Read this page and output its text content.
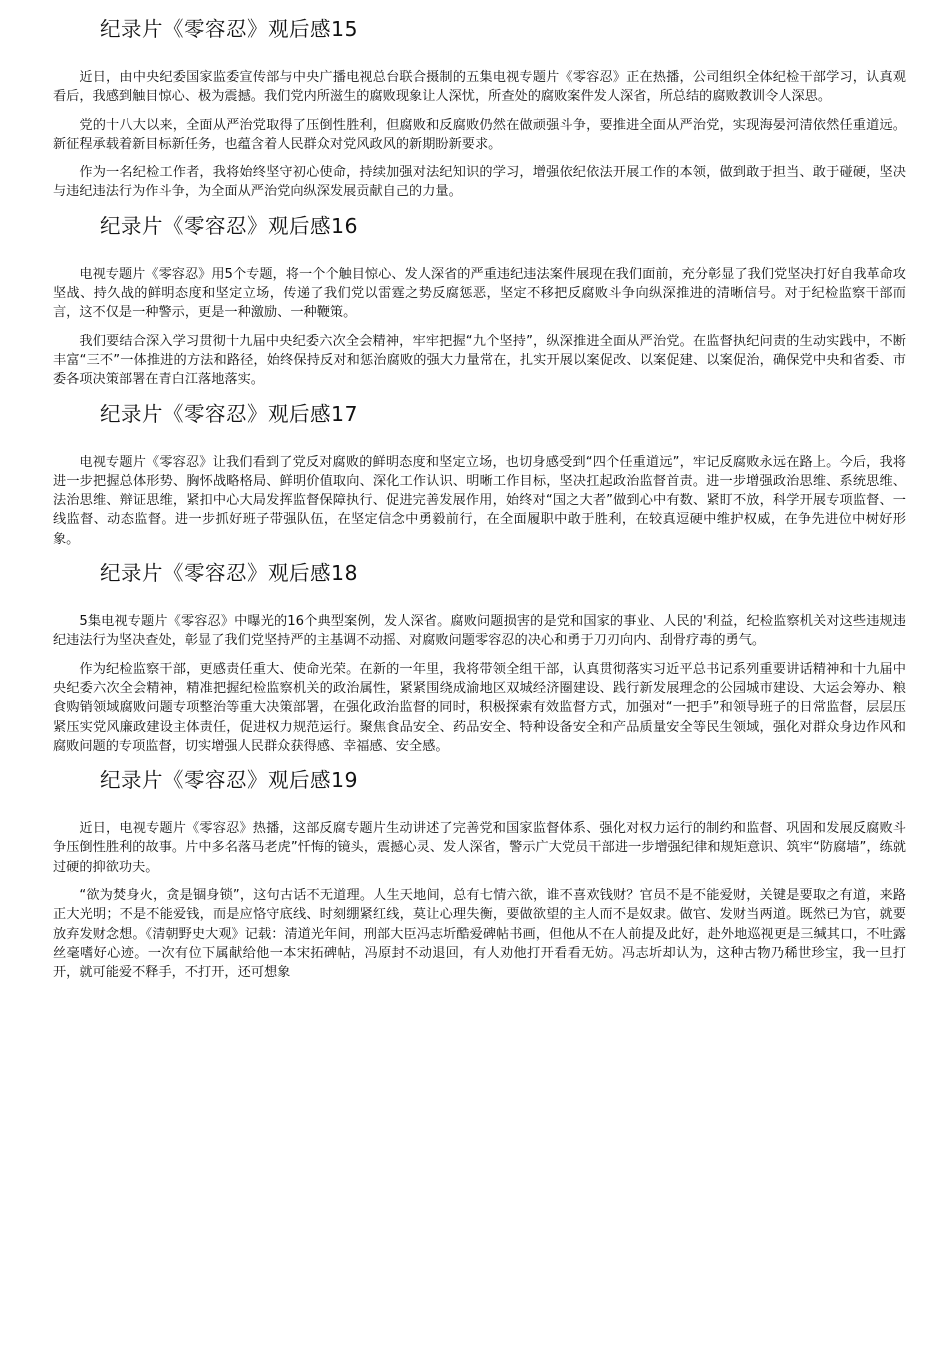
纪录片《零容忍》观后感15

近日，由中央纪委国家监委宣传部与中央广播电视总台联合摄制的五集电视专题片《零容忍》正在热播，公司组织全体纪检干部学习，认真观看后，我感到触目惊心、极为震撼。我们党内所滋生的腐败现象让人深忧，所查处的腐败案件发人深省，所总结的腐败教训令人深思。

党的十八大以来，全面从严治党取得了压倒性胜利，但腐败和反腐败仍然在做顽强斗争，要推进全面从严治党，实现海晏河清依然任重道远。新征程承载着新目标新任务，也蕴含着人民群众对党风政风的新期盼新要求。

作为一名纪检工作者，我将始终坚守初心使命，持续加强对法纪知识的学习，增强依纪依法开展工作的本领，做到敢于担当、敢于碰硬，坚决与违纪违法行为作斗争，为全面从严治党向纵深发展贡献自己的力量。

纪录片《零容忍》观后感16

电视专题片《零容忍》用5个专题，将一个个触目惊心、发人深省的严重违纪违法案件展现在我们面前，充分彰显了我们党坚决打好自我革命攻坚战、持久战的鲜明态度和坚定立场，传递了我们党以雷霆之势反腐惩恶，坚定不移把反腐败斗争向纵深推进的清晰信号。对于纪检监察干部而言，这不仅是一种警示，更是一种激励、一种鞭策。

我们要结合深入学习贯彻十九届中央纪委六次全会精神，牢牢把握“九个坚持”，纵深推进全面从严治党。在监督执纪问责的生动实践中，不断丰富“三不”一体推进的方法和路径，始终保持反对和惩治腐败的强大力量常在，扎实开展以案促改、以案促建、以案促治，确保党中央和省委、市委各项决策部署在青白江落地落实。

纪录片《零容忍》观后感17

电视专题片《零容忍》让我们看到了党反对腐败的鲜明态度和坚定立场，也切身感受到“四个任重道远”，牢记反腐败永远在路上。今后，我将进一步把握总体形势、胸怀战略格局、鲜明价值取向、深化工作认识、明晰工作目标，坚决扛起政治监督首责。进一步增强政治思维、系统思维、法治思维、辩证思维，紧扣中心大局发挥监督保障执行、促进完善发展作用，始终对“国之大者”做到心中有数、紧盯不放，科学开展专项监督、一线监督、动态监督。进一步抓好班子带强队伍，在坚定信念中勇毅前行，在全面履职中敢于胜利，在较真逗硬中维护权威，在争先进位中树好形象。

纪录片《零容忍》观后感18

5集电视专题片《零容忍》中曝光的16个典型案例，发人深省。腐败问题损害的是党和国家的事业、人民的'利益，纪检监察机关对这些违规违纪违法行为坚决查处，彰显了我们党坚持严的主基调不动摇、对腐败问题零容忍的决心和勇于刀刃向内、刮骨疗毒的勇气。

作为纪检监察干部，更感责任重大、使命光荣。在新的一年里，我将带领全组干部，认真贯彻落实习近平总书记系列重要讲话精神和十九届中央纪委六次全会精神，精准把握纪检监察机关的政治属性，紧紧围绕成渝地区双城经济圈建设、践行新发展理念的公园城市建设、大运会筹办、粮食购销领域腐败问题专项整治等重大决策部署，在强化政治监督的同时，积极探索有效监督方式，加强对“一把手”和领导班子的日常监督，层层压紧压实党风廉政建设主体责任，促进权力规范运行。聚焦食品安全、药品安全、特种设备安全和产品质量安全等民生领域，强化对群众身边作风和腐败问题的专项监督，切实增强人民群众获得感、幸福感、安全感。

纪录片《零容忍》观后感19

近日，电视专题片《零容忍》热播，这部反腐专题片生动讲述了完善党和国家监督体系、强化对权力运行的制约和监督、巩固和发展反腐败斗争压倒性胜利的故事。片中多名落马老虎”忏悔的镜头，震撼心灵、发人深省，警示广大党员干部进一步增强纪律和规矩意识、筑牢“防腐墙”，练就过硬的抑欲功夫。

“欲为焚身火，贪是锢身锁”，这句古话不无道理。人生天地间，总有七情六欲，谁不喜欢钱财？官员不是不能爱财，关键是要取之有道，来路正大光明；不是不能爱钱，而是应恪守底线、时刻绷紧红线，莫让心理失衡，要做欲望的主人而不是奴隶。做官、发财当两道。既然已为官，就要放弃发财念想。《清朝野史大观》记载：清道光年间，刑部大臣冯志圻酷爱碑帖书画，但他从不在人前提及此好，赴外地巡视更是三缄其口，不吐露丝毫嗜好心迹。一次有位下属献给他一本宋拓碑帖，冯原封不动退回，有人劝他打开看看无妨。冯志圻却认为，这种古物乃稀世珍宝，我一旦打开，就可能爱不释手，不打开，还可想象
